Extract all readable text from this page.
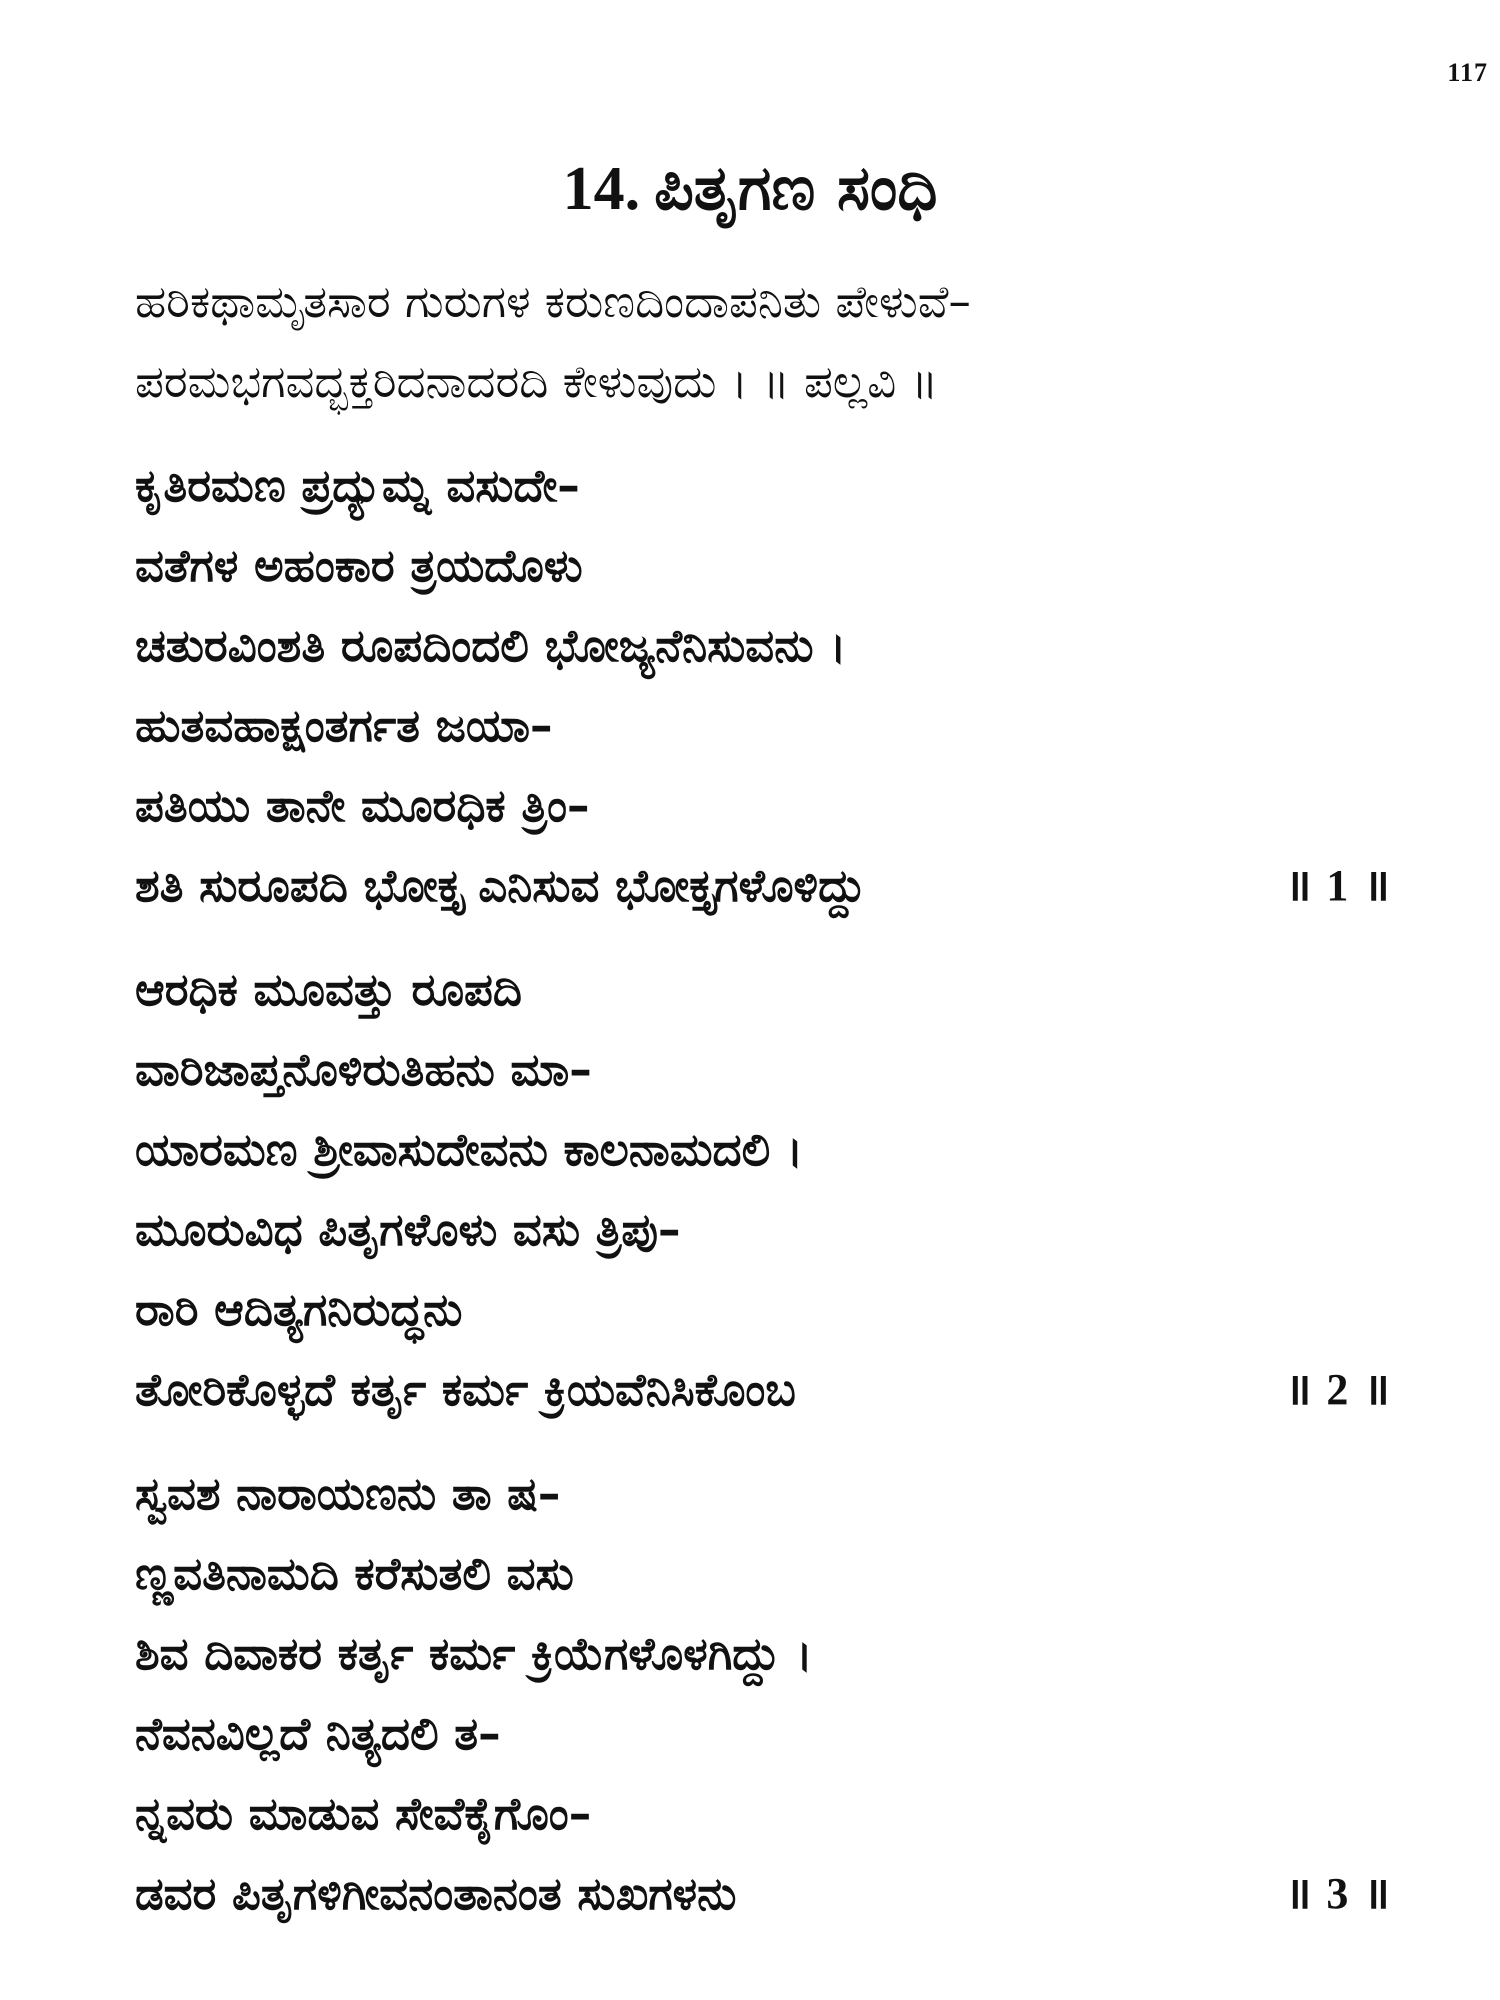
117
14. ಪಿತೃಗಣ ಸಂಧಿ
ಹರಿಕಥಾಮೃತಸಾರ ಗುರುಗಳ ಕರುಣದಿಂದಾಪನಿತು ಪೇಳುವೆ–
ಪರಮಭಗವದ್ಭಕ್ತರಿದನಾದರದಿ ಕೇಳುವುದು । ॥ ಪಲ್ಲವಿ ॥
ಕೃತಿರಮಣ ಪ್ರದ್ಯುಮ್ನ ವಸುದೇ–
ವತೆಗಳ ಅಹಂಕಾರ ತ್ರಯದೊಳು
ಚತುರವಿಂಶತಿ ರೂಪದಿಂದಲಿ ಭೋಜ್ಯನೆನಿಸುವನು ।
ಹುತವಹಾಕ್ಷಂತರ್ಗತ ಜಯಾ–
ಪತಿಯು ತಾನೇ ಮೂರಧಿಕ ತ್ರಿಂ–
ಶತಿ ಸುರೂಪದಿ ಭೋಕ್ತೃ ಎನಿಸುವ ಭೋಕ್ತೃಗಳೊಳಿದ್ದು	॥ 1 ॥
ಆರಧಿಕ ಮೂವತ್ತು ರೂಪದಿ
ವಾರಿಜಾಪ್ತನೊಳಿರುತಿಹನು ಮಾ–
ಯಾರಮಣ ಶ್ರೀವಾಸುದೇವನು ಕಾಲನಾಮದಲಿ ।
ಮೂರುವಿಧ ಪಿತೃಗಳೊಳು ವಸು ತ್ರಿಪು–
ರಾರಿ ಆದಿತ್ಯಗನಿರುದ್ಧನು
ತೋರಿಕೊಳ್ಳದೆ ಕರ್ತೃ ಕರ್ಮ ಕ್ರಿಯವೆನಿಸಿಕೊಂಬ	॥ 2 ॥
ಸ್ವವಶ ನಾರಾಯಣನು ತಾ ಷ–
ಣ್ಣವತಿನಾಮದಿ ಕರೆಸುತಲಿ ವಸು
ಶಿವ ದಿವಾಕರ ಕರ್ತೃ ಕರ್ಮ ಕ್ರಿಯೆಗಳೊಳಗಿದ್ದು ।
ನೆವನವಿಲ್ಲದೆ ನಿತ್ಯದಲಿ ತ–
ನ್ನವರು ಮಾಡುವ ಸೇವೆಕೈಗೊಂ–
ಡವರ ಪಿತೃಗಳಿಗೀವನಂತಾನಂತ ಸುಖಗಳನು	॥ 3 ॥
